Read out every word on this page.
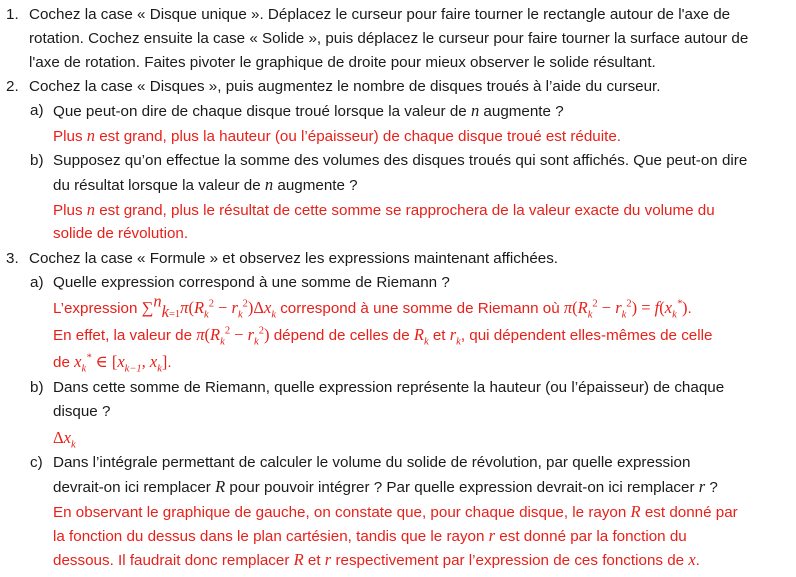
1. Cochez la case « Disque unique ». Déplacez le curseur pour faire tourner le rectangle autour de l'axe de
rotation. Cochez ensuite la case « Solide », puis déplacez le curseur pour faire tourner la surface autour de
l'axe de rotation. Faites pivoter le graphique de droite pour mieux observer le solide résultant.
2. Cochez la case « Disques », puis augmentez le nombre de disques troués à l’aide du curseur.
a) Que peut-on dire de chaque disque troué lorsque la valeur de n augmente ?
Plus n est grand, plus la hauteur (ou l’épaisseur) de chaque disque troué est réduite.
b) Supposez qu’on effectue la somme des volumes des disques troués qui sont affichés. Que peut-on dire
du résultat lorsque la valeur de n augmente ?
Plus n est grand, plus le résultat de cette somme se rapprochera de la valeur exacte du volume du
solide de révolution.
3. Cochez la case « Formule » et observez les expressions maintenant affichées.
a) Quelle expression correspond à une somme de Riemann ?
L’expression $\sum^n_{k=1}\pi(R_k^2 - r_k^2)\Delta x_k$ correspond à une somme de Riemann où $\pi(R_k^2 - r_k^2) = f(x_k^*)$.
En effet, la valeur de $\pi(R_k^2 - r_k^2)$ dépend de celles de $R_k$ et $r_k$, qui dépendent elles-mêmes de celle
de $x_k^*$ ∈ [$x_{k-1}$, $x_k$].
b) Dans cette somme de Riemann, quelle expression représente la hauteur (ou l’épaisseur) de chaque
disque ?
$\Delta x_k$
c) Dans l’intégrale permettant de calculer le volume du solide de révolution, par quelle expression
devrait-on ici remplacer R pour pouvoir intégrer ? Par quelle expression devrait-on ici remplacer r ?
En observant le graphique de gauche, on constate que, pour chaque disque, le rayon R est donné par
la fonction du dessus dans le plan cartésien, tandis que le rayon r est donné par la fonction du
dessous. Il faudrait donc remplacer R et r respectivement par l’expression de ces fonctions de x.
